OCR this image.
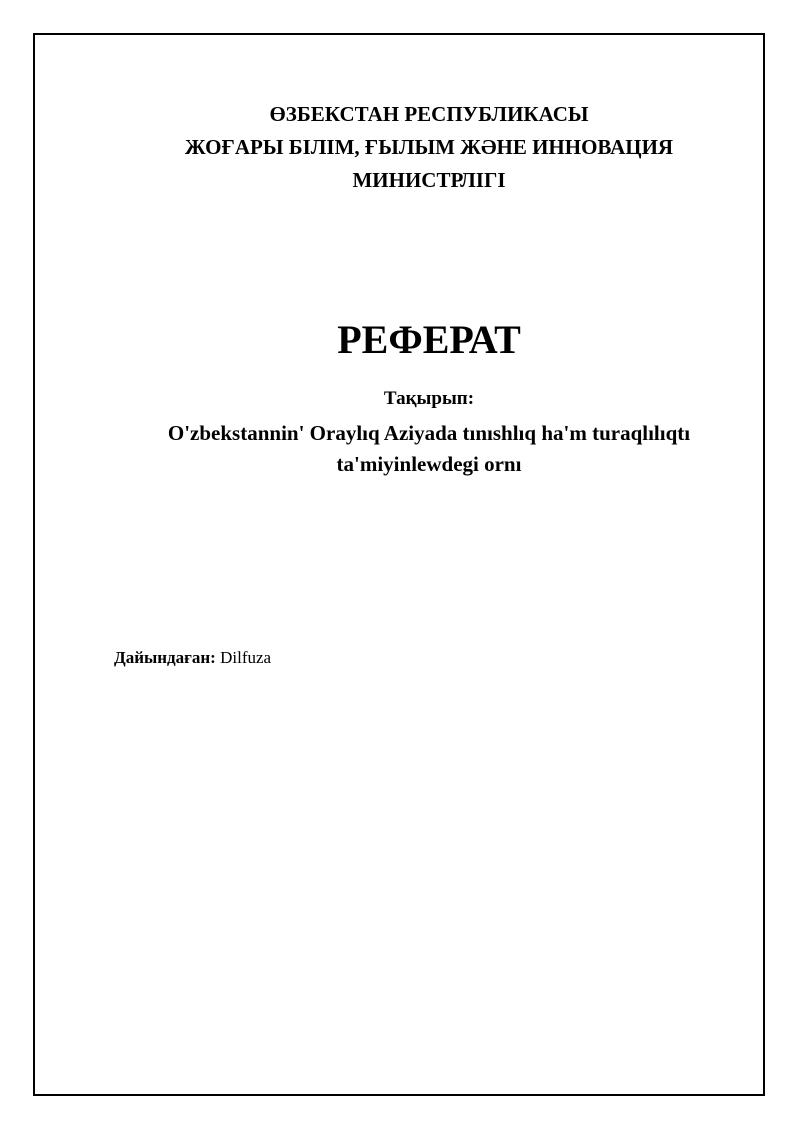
ӨЗБЕКСТАН РЕСПУБЛИКАСЫ
ЖОҒАРЫ БІЛІМ, ҒЫЛЫМ ЖӘНЕ ИННОВАЦИЯ
МИНИСТРЛІГІ
РЕФЕРАТ
Тақырып:
O'zbekstannin' Oraylıq Aziyada tınıshlıq ha'm turaqlılıqtı
ta'miyinlewdegi ornı
Дайындаған: Dilfuza
